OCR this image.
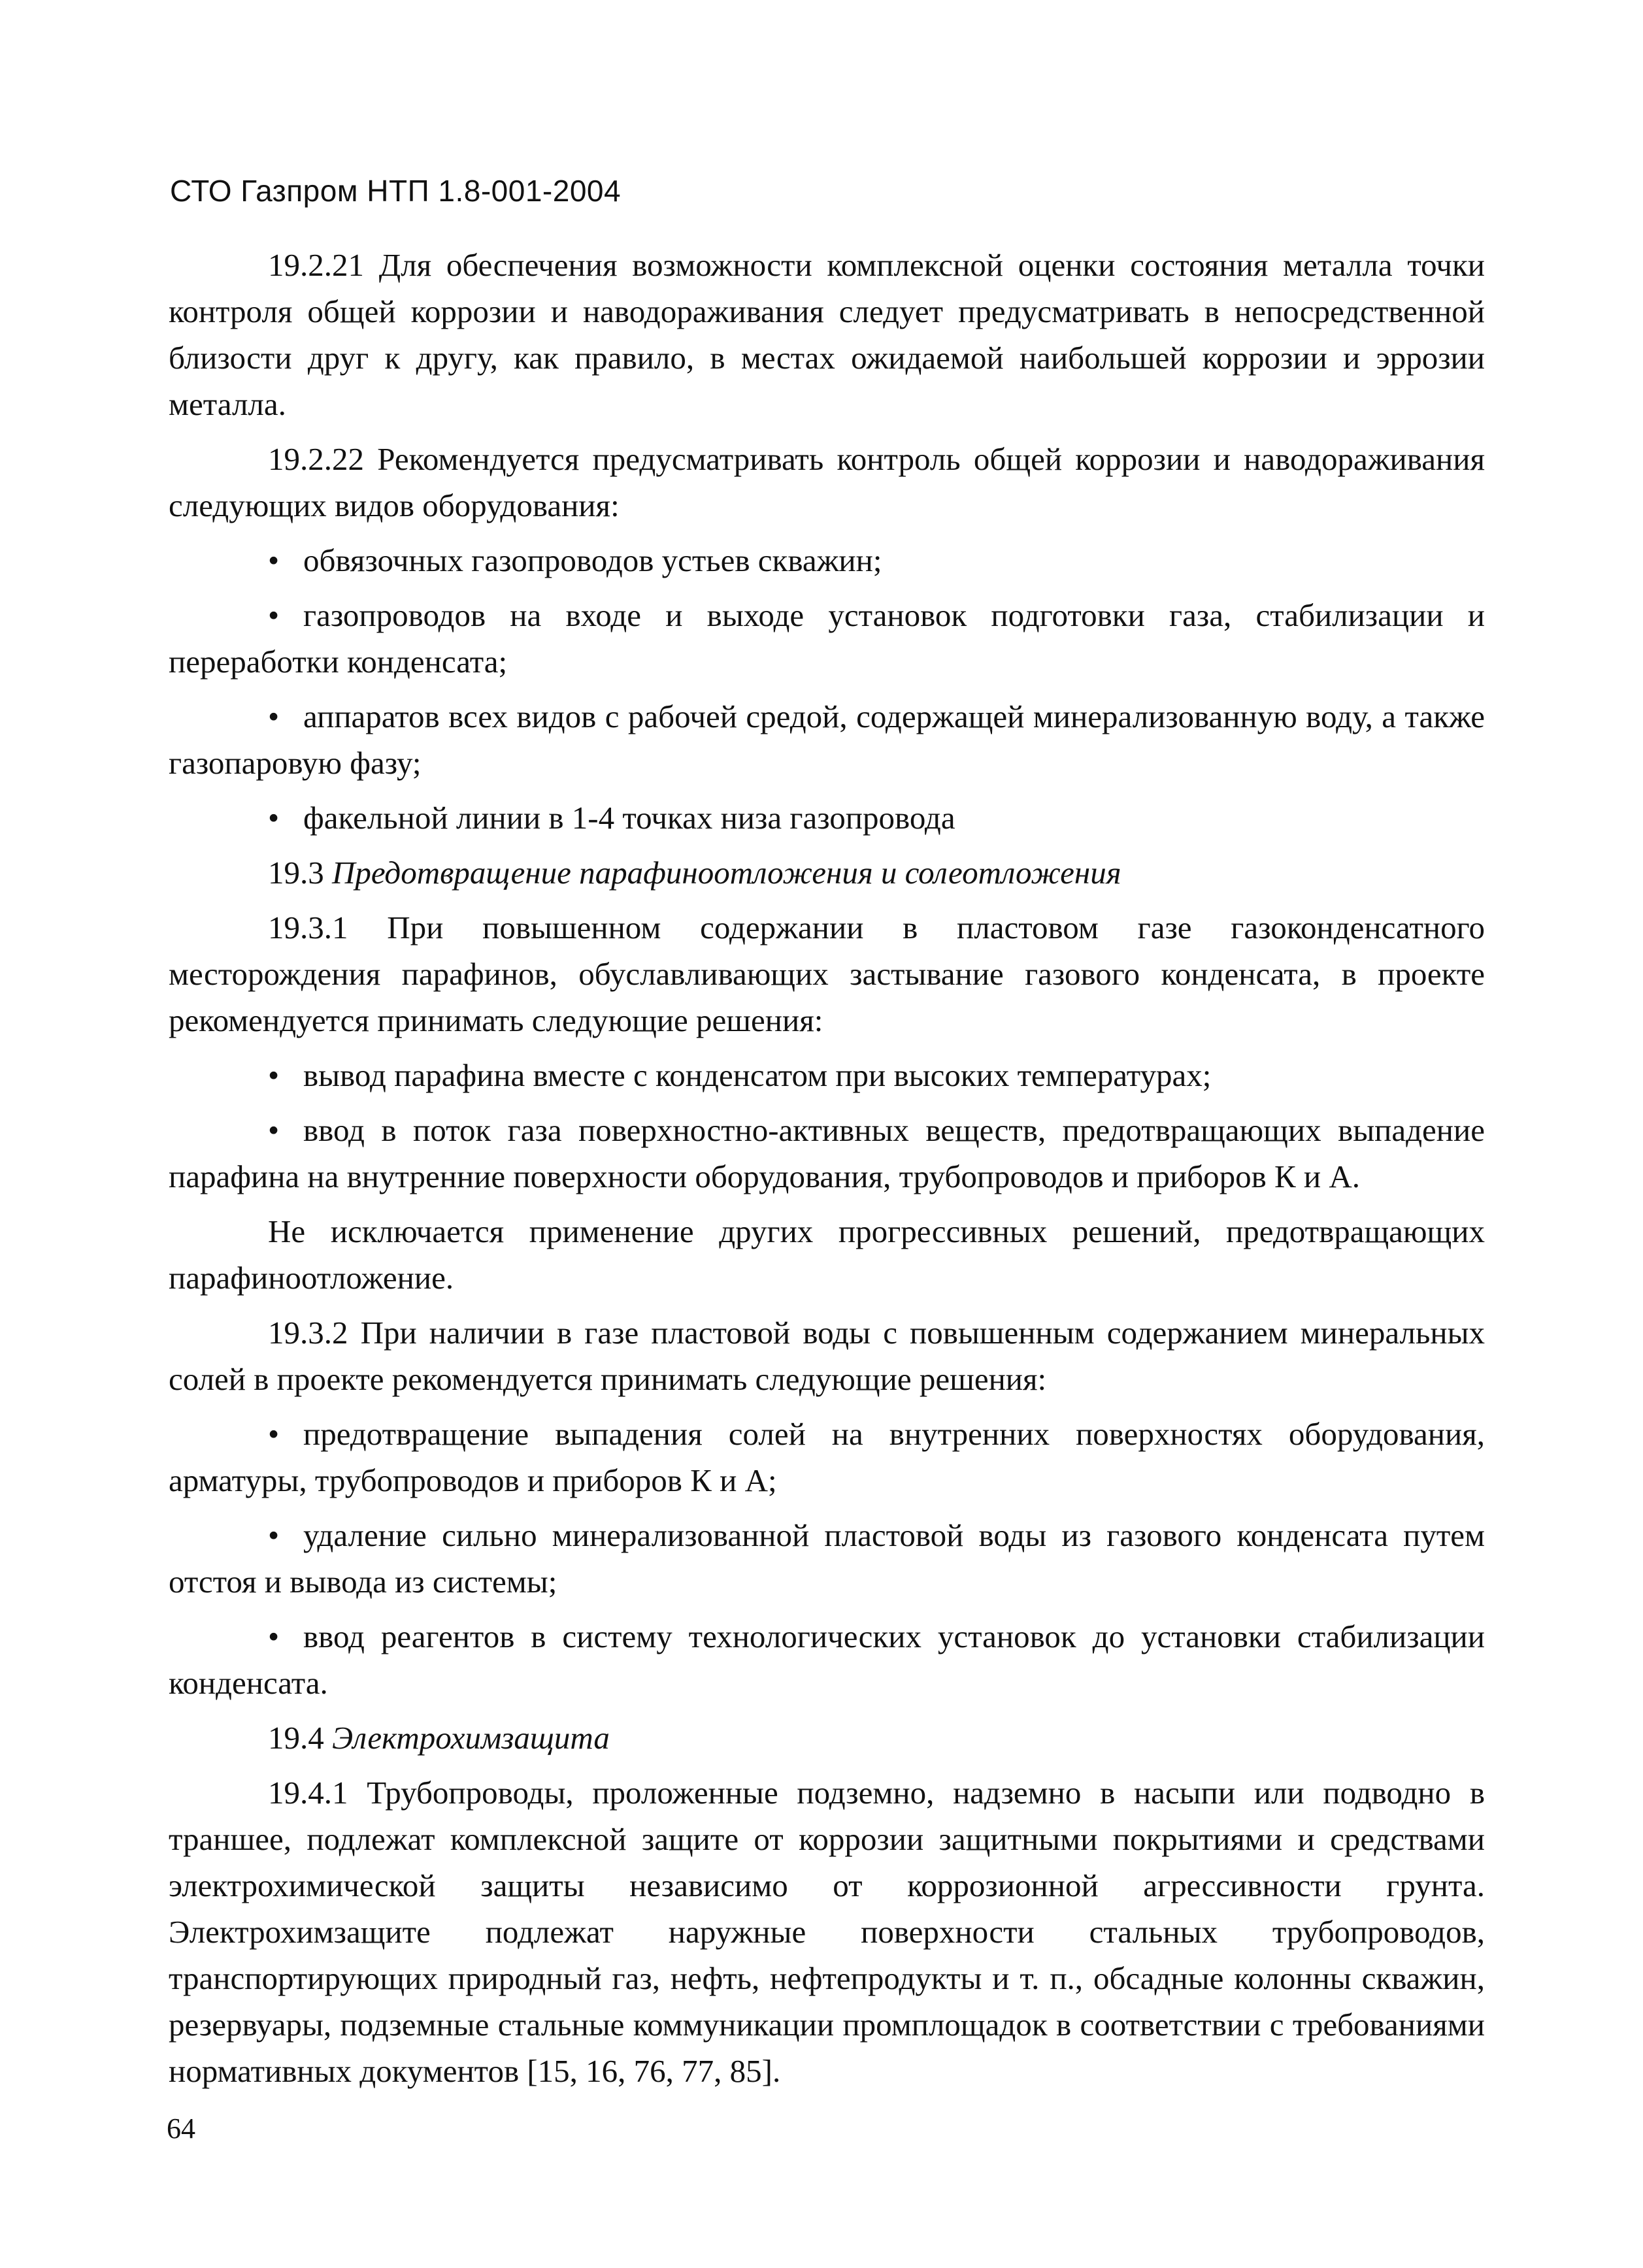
СТО Газпром НТП 1.8-001-2004

19.2.21 Для обеспечения возможности комплексной оценки состояния металла точки контроля общей коррозии и наводораживания следует предусматривать в непосредственной близости друг к другу, как правило, в местах ожидаемой наибольшей коррозии и эррозии металла.

19.2.22 Рекомендуется предусматривать контроль общей коррозии и наводораживания следующих видов оборудования:

• обвязочных газопроводов устьев скважин;

• газопроводов на входе и выходе установок подготовки газа, стабилизации и переработки конденсата;

• аппаратов всех видов с рабочей средой, содержащей минерализованную воду, а также газопаровую фазу;

• факельной линии в 1-4 точках низа газопровода

19.3 Предотвращение парафиноотложения и солеотложения

19.3.1 При повышенном содержании в пластовом газе газоконденсатного месторождения парафинов, обуславливающих застывание газового конденсата, в проекте рекомендуется принимать следующие решения:

• вывод парафина вместе с конденсатом при высоких температурах;

• ввод в поток газа поверхностно-активных веществ, предотвращающих выпадение парафина на внутренние поверхности оборудования, трубопроводов и приборов К и А.

Не исключается применение других прогрессивных решений, предотвращающих парафиноотложение.

19.3.2 При наличии в газе пластовой воды с повышенным содержанием минеральных солей в проекте рекомендуется принимать следующие решения:

• предотвращение выпадения солей на внутренних поверхностях оборудования, арматуры, трубопроводов и приборов К и А;

• удаление сильно минерализованной пластовой воды из газового конденсата путем отстоя и вывода из системы;

• ввод реагентов в систему технологических установок до установки стабилизации конденсата.

19.4 Электрохимзащита

19.4.1 Трубопроводы, проложенные подземно, надземно в насыпи или подводно в траншее, подлежат комплексной защите от коррозии защитными покрытиями и средствами электрохимической защиты независимо от коррозионной агрессивности грунта. Электрохимзащите подлежат наружные поверхности стальных трубопроводов, транспортирующих природный газ, нефть, нефтепродукты и т. п., обсадные колонны скважин, резервуары, подземные стальные коммуникации промплощадок в соответствии с требованиями нормативных документов [15, 16, 76, 77, 85].

64
